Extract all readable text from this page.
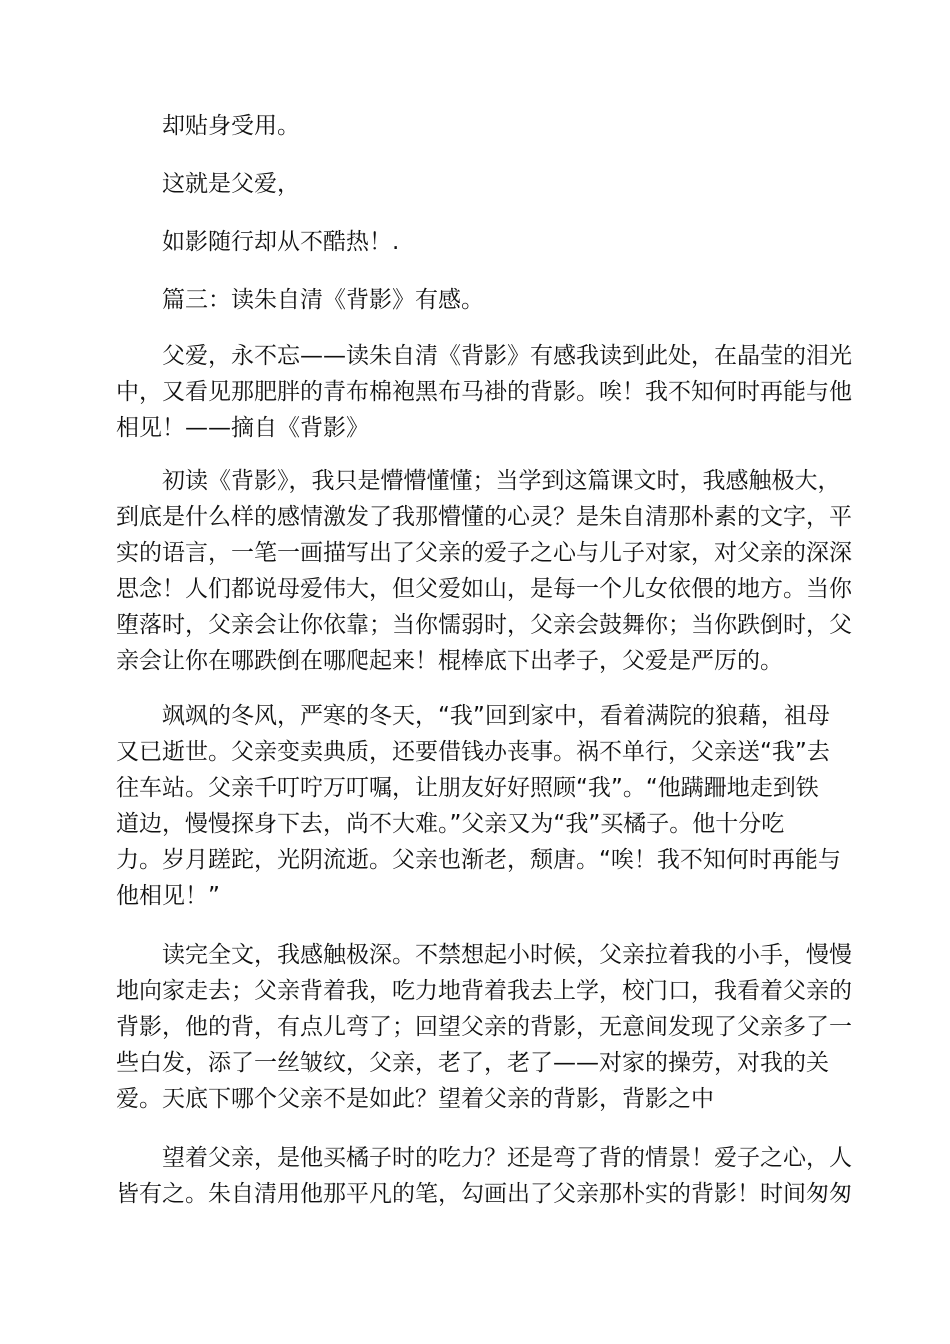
却贴身受用。
这就是父爱，
如影随行却从不酷热！.
篇三：读朱自清《背影》有感。
父爱，永不忘——读朱自清《背影》有感我读到此处，在晶莹的泪光
中，又看见那肥胖的青布棉袍黑布马褂的背影。唉！我不知何时再能与他
相见！——摘自《背影》
初读《背影》，我只是懵懵懂懂；当学到这篇课文时，我感触极大，
到底是什么样的感情激发了我那懵懂的心灵？是朱自清那朴素的文字，平
实的语言，一笔一画描写出了父亲的爱子之心与儿子对家，对父亲的深深
思念！人们都说母爱伟大，但父爱如山，是每一个儿女依偎的地方。当你
堕落时，父亲会让你依靠；当你懦弱时，父亲会鼓舞你；当你跌倒时，父
亲会让你在哪跌倒在哪爬起来！棍棒底下出孝子，父爱是严厉的。
飒飒的冬风，严寒的冬天，“我”回到家中，看着满院的狼藉，祖母
又已逝世。父亲变卖典质，还要借钱办丧事。祸不单行，父亲送“我”去
往车站。父亲千叮咛万叮嘱，让朋友好好照顾“我”。“他蹒跚地走到铁
道边，慢慢探身下去，尚不大难。”父亲又为“我”买橘子。他十分吃
力。岁月蹉跎，光阴流逝。父亲也渐老，颓唐。“唉！我不知何时再能与
他相见！”
读完全文，我感触极深。不禁想起小时候，父亲拉着我的小手，慢慢
地向家走去；父亲背着我，吃力地背着我去上学，校门口，我看着父亲的
背影，他的背，有点儿弯了；回望父亲的背影，无意间发现了父亲多了一
些白发，添了一丝皱纹，父亲，老了，老了——对家的操劳，对我的关
爱。天底下哪个父亲不是如此？望着父亲的背影，背影之中
望着父亲，是他买橘子时的吃力？还是弯了背的情景！爱子之心，人
皆有之。朱自清用他那平凡的笔，勾画出了父亲那朴实的背影！时间匆匆
